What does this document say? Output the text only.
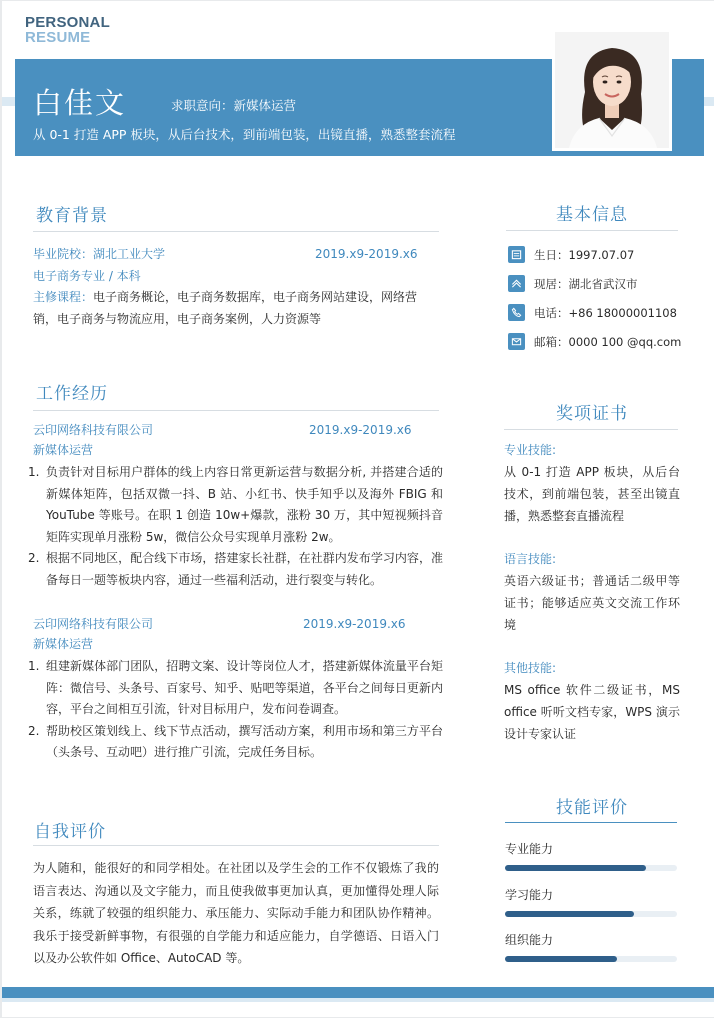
PERSONAL
RESUME
白佳文	求职意向：新媒体运营
从 0-1 打造 APP 板块，从后台技术，到前端包装，出镜直播，熟悉整套流程
教育背景
毕业院校：湖北工业大学	2019.x9-2019.x6
电子商务专业 / 本科
主修课程：电子商务概论，电子商务数据库，电子商务网站建设，网络营销，电子商务与物流应用，电子商务案例，人力资源等
工作经历
云印网络科技有限公司	2019.x9-2019.x6
新媒体运营
1. 负责针对目标用户群体的线上内容日常更新运营与数据分析, 并搭建合适的新媒体矩阵，包括双微一抖、B 站、小红书、快手知乎以及海外 FBIG 和 YouTube 等账号。在职 1 创造 10w+爆款，涨粉 30 万，其中短视频抖音矩阵实现单月涨粉 5w，微信公众号实现单月涨粉 2w。
2. 根据不同地区，配合线下市场，搭建家长社群，在社群内发布学习内容，准备每日一题等板块内容，通过一些福利活动，进行裂变与转化。
云印网络科技有限公司	2019.x9-2019.x6
新媒体运营
1. 组建新媒体部门团队，招聘文案、设计等岗位人才，搭建新媒体流量平台矩阵：微信号、头条号、百家号、知乎、贴吧等渠道，各平台之间每日更新内容，平台之间相互引流，针对目标用户，发布问卷调查。
2. 帮助校区策划线上、线下节点活动，撰写活动方案，利用市场和第三方平台（头条号、互动吧）进行推广引流，完成任务目标。
自我评价
为人随和，能很好的和同学相处。在社团以及学生会的工作不仅锻炼了我的语言表达、沟通以及文字能力，而且使我做事更加认真，更加懂得处理人际关系，练就了较强的组织能力、承压能力、实际动手能力和团队协作精神。我乐于接受新鲜事物，有很强的自学能力和适应能力，自学德语、日语入门以及办公软件如 Office、AutoCAD 等。
基本信息
生日：1997.07.07
现居：湖北省武汉市
电话：+86 18000001108
邮箱：0000 100 @qq.com
奖项证书
专业技能:
从 0-1 打造 APP 板块，从后台技术，到前端包装，甚至出镜直播，熟悉整套直播流程
语言技能:
英语六级证书；普通话二级甲等证书；能够适应英文交流工作环境
其他技能:
MS office 软件二级证书，MS office 听听文档专家，WPS 演示设计专家认证
技能评价
专业能力
学习能力
组织能力
